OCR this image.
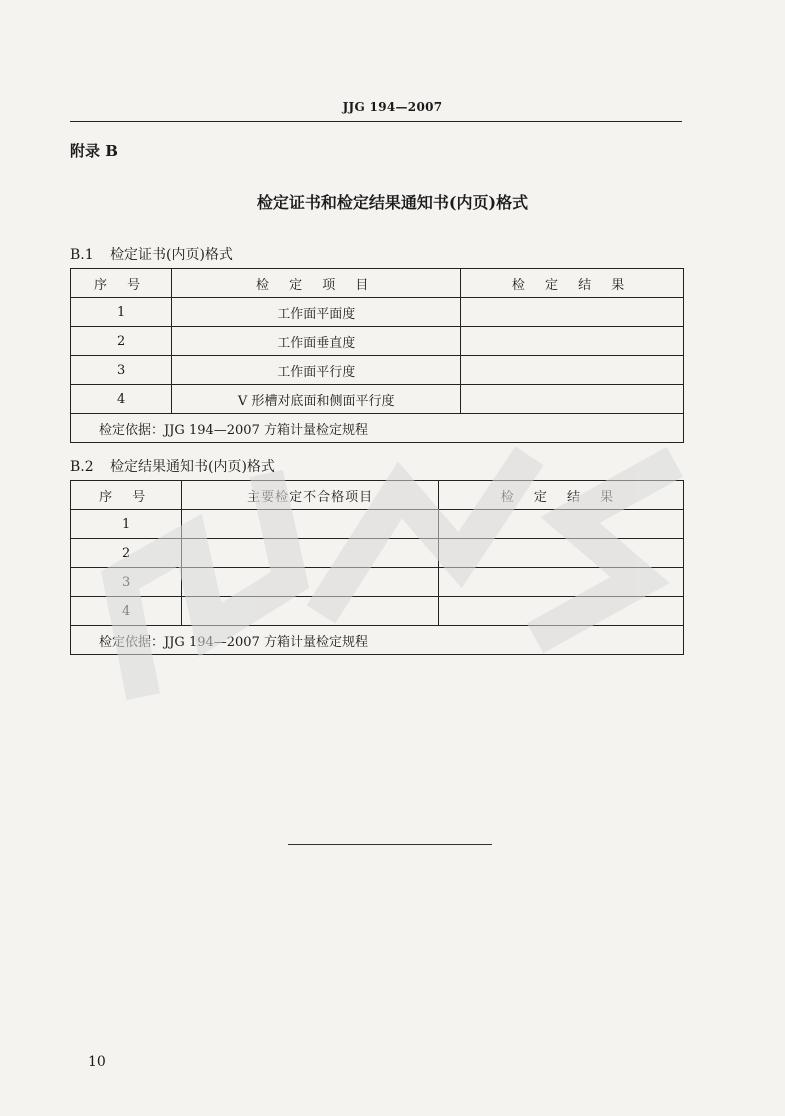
JJG 194—2007
附录 B
检定证书和检定结果通知书(内页)格式
B.1 检定证书(内页)格式
序 号	检 定 项 目	检 定 结 果
1	工作面平面度	
2	工作面垂直度	
3	工作面平行度	
4	V 形槽对底面和侧面平行度	
检定依据：JJG 194—2007 方箱计量检定规程		
B.2 检定结果通知书(内页)格式
序 号	主要检定不合格项目	检 定 结 果
1		
2		
3		
4		
检定依据：JJG 194—2007 方箱计量检定规程		
10
